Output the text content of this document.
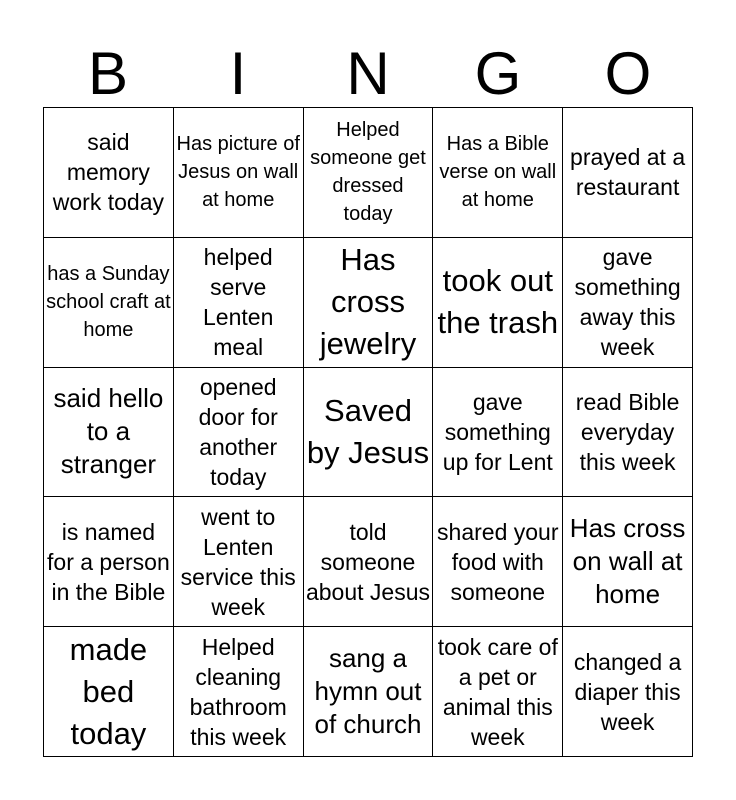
B	I	N	G	O
said memory work today	Has picture of Jesus on wall at home	Helped someone get dressed today	Has a Bible verse on wall at home	prayed at a restaurant

has a Sunday school craft at home	helped serve Lenten meal	Has cross jewelry	took out the trash	gave something away this week

said hello to a stranger	opened door for another today	Saved by Jesus	gave something up for Lent	read Bible everyday this week

is named for a person in the Bible	went to Lenten service this week	told someone about Jesus	shared your food with someone	Has cross on wall at home

made bed today	Helped cleaning bathroom this week	sang a hymn out of church	took care of a pet or animal this week	changed a diaper this week
